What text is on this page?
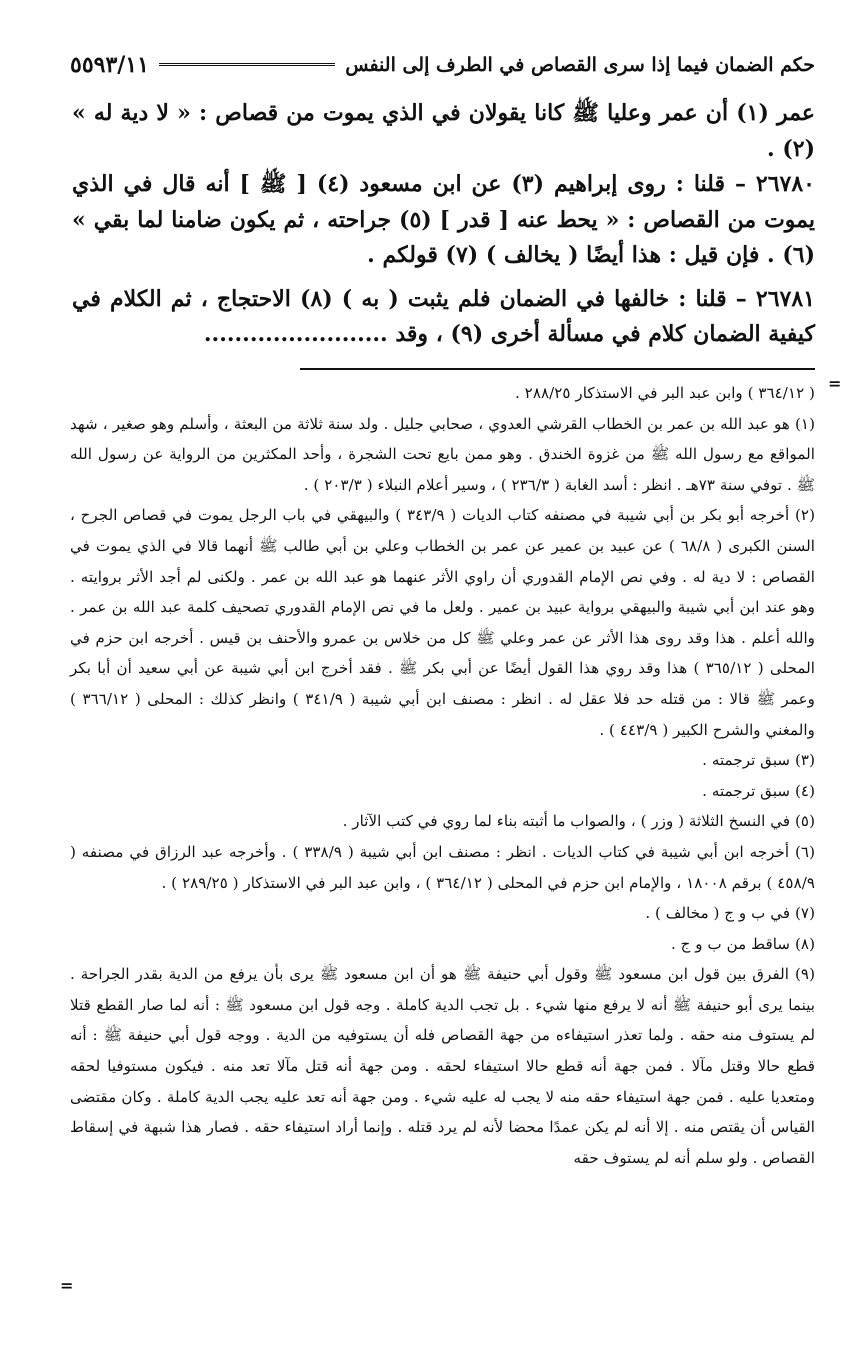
حكم الضمان فيما إذا سرى القصاص في الطرف إلى النفس
٥٥٩٣/١١

عمر (١) أن عمر وعليا ﷺ كانا يقولان في الذي يموت من قصاص : « لا دية له » (٢) .

٢٦٧٨٠ – قلنا : روى إبراهيم (٣) عن ابن مسعود (٤) [ ﷺ ] أنه قال في الذي يموت من القصاص : « يحط عنه [ قدر ] (٥) جراحته ، ثم يكون ضامنا لما بقي » (٦) . فإن قيل : هذا أيضًا ( يخالف ) (٧) قولكم .

٢٦٧٨١ – قلنا : خالفها في الضمان فلم يثبت ( به ) (٨) الاحتجاج ، ثم الكلام في كيفية الضمان كلام في مسألة أخرى (٩) ، وقد ........................

=

( ٣٦٤/١٢ ) وابن عبد البر في الاستذكار ٢٨٨/٢٥ .

(١) هو عبد الله بن عمر بن الخطاب القرشي العدوي ، صحابي جليل . ولد سنة ثلاثة من البعثة ، وأسلم وهو صغير ، شهد المواقع مع رسول الله ﷺ من غزوة الخندق . وهو ممن بايع تحت الشجرة ، وأحد المكثرين من الرواية عن رسول الله ﷺ . توفي سنة ٧٣هـ . انظر : أسد الغابة ( ٢٣٦/٣ ) ، وسير أعلام النبلاء ( ٢٠٣/٣ ) .

(٢) أخرجه أبو بكر بن أبي شيبة في مصنفه كتاب الديات ( ٣٤٣/٩ ) والبيهقي في باب الرجل يموت في قصاص الجرح ، السنن الكبرى ( ٦٨/٨ ) عن عبيد بن عمير عن عمر بن الخطاب وعلي بن أبي طالب ﷺ أنهما قالا في الذي يموت في القصاص : لا دية له . وفي نص الإمام القدوري أن راوي الأثر عنهما هو عبد الله بن عمر . ولكنى لم أجد الأثر بروايته . وهو عند ابن أبي شيبة والبيهقي برواية عبيد بن عمير . ولعل ما في نص الإمام القدوري تصحيف كلمة عبد الله بن عمر . والله أعلم . هذا وقد روى هذا الأثر عن عمر وعلي ﷺ كل من خلاس بن عمرو والأحنف بن قيس . أخرجه ابن حزم في المحلى ( ٣٦٥/١٢ ) هذا وقد روي هذا القول أيضًا عن أبي بكر ﷺ . فقد أخرج ابن أبي شيبة عن أبي سعيد أن أبا بكر وعمر ﷺ قالا : من قتله حد فلا عقل له . انظر : مصنف ابن أبي شيبة ( ٣٤١/٩ ) وانظر كذلك : المحلى ( ٣٦٦/١٢ ) والمغني والشرح الكبير ( ٤٤٣/٩ ) .

(٣) سبق ترجمته .

(٤) سبق ترجمته .

(٥) في النسخ الثلاثة ( وزر ) ، والصواب ما أثبته بناء لما روي في كتب الآثار .

(٦) أخرجه ابن أبي شيبة في كتاب الديات . انظر : مصنف ابن أبي شيبة ( ٣٣٨/٩ ) . وأخرجه عبد الرزاق في مصنفه ( ٤٥٨/٩ ) برقم ١٨٠٠٨ ، والإمام ابن حزم في المحلى ( ٣٦٤/١٢ ) ، وابن عبد البر في الاستذكار ( ٢٨٩/٢٥ ) .

(٧) في ب و ج ( مخالف ) .

(٨) ساقط من ب و ج .

(٩) الفرق بين قول ابن مسعود ﷺ وقول أبي حنيفة ﷺ هو أن ابن مسعود ﷺ يرى بأن يرفع من الدية بقدر الجراحة . بينما يرى أبو حنيفة ﷺ أنه لا يرفع منها شيء . بل تجب الدية كاملة . وجه قول ابن مسعود ﷺ : أنه لما صار القطع قتلا لم يستوف منه حقه . ولما تعذر استيفاءه من جهة القصاص فله أن يستوفيه من الدية . ووجه قول أبي حنيفة ﷺ : أنه قطع حالا وقتل مآلا . فمن جهة أنه قطع حالا استيفاء لحقه . ومن جهة أنه قتل مآلا تعد منه . فيكون مستوفيا لحقه ومتعديا عليه . فمن جهة استيفاء حقه منه لا يجب له عليه شيء . ومن جهة أنه تعد عليه يجب الدية كاملة . وكان مقتضى القياس أن يقتص منه . إلا أنه لم يكن عمدًا محضا لأنه لم يرد قتله . وإنما أراد استيفاء حقه . فصار هذا شبهة في إسقاط القصاص . ولو سلم أنه لم يستوف حقه

=
